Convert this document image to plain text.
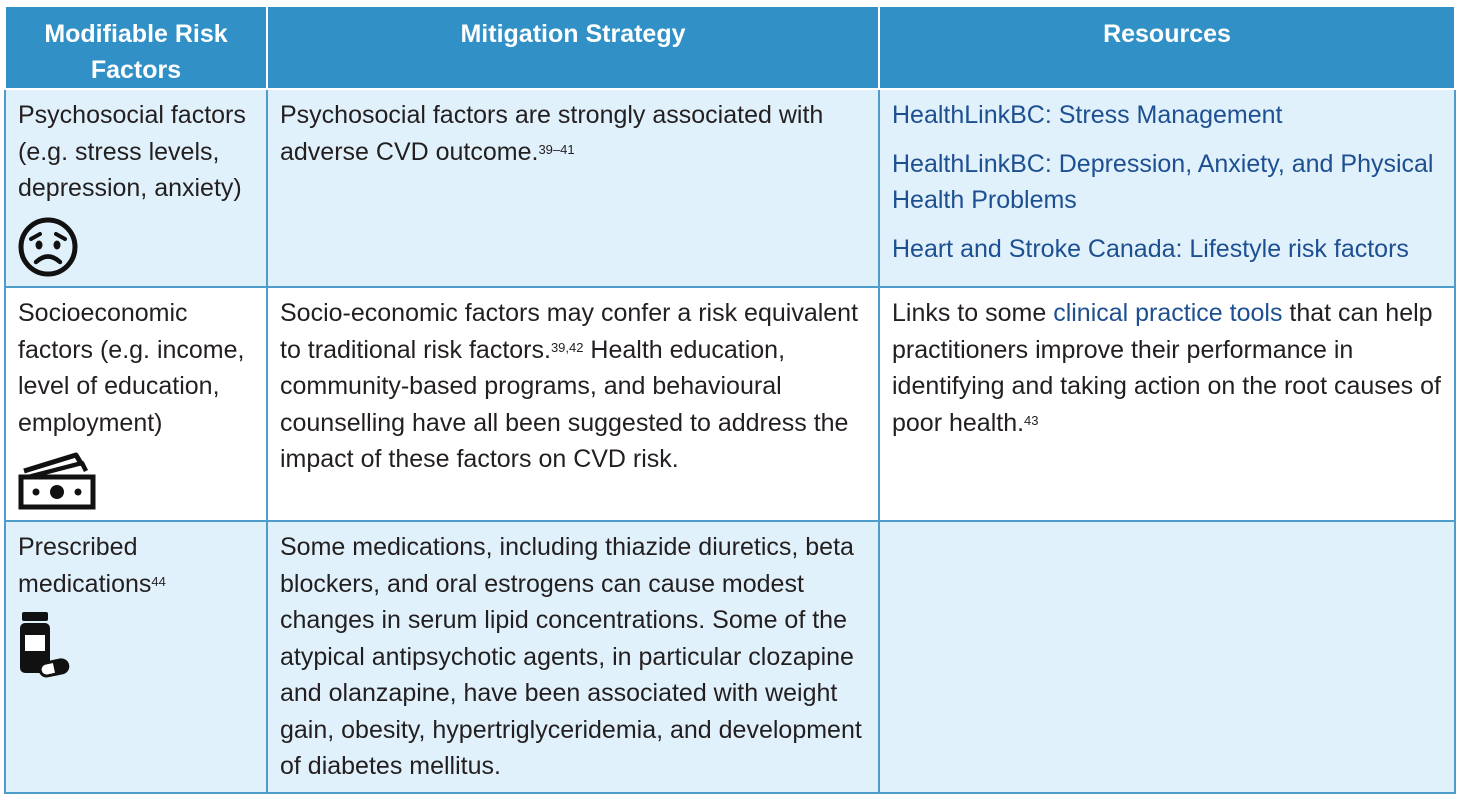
Modifiable Risk Factors	Mitigation Strategy	Resources
Psychosocial factors (e.g. stress levels, depression, anxiety)	Psychosocial factors are strongly associated with adverse CVD outcome.$^{39-41}$	HealthLinkBC: Stress Management
HealthLinkBC: Depression, Anxiety, and Physical Health Problems
Heart and Stroke Canada: Lifestyle risk factors

Socioeconomic factors (e.g. income, level of education, employment)	Socio-economic factors may confer a risk equivalent to traditional risk factors.$^{39,42}$ Health education, community-based programs, and behavioural counselling have all been suggested to address the impact of these factors on CVD risk.	Links to some clinical practice tools that can help practitioners improve their performance in identifying and taking action on the root causes of poor health.$^{43}$
Prescribed medications$^{44}$	Some medications, including thiazide diuretics, beta blockers, and oral estrogens can cause modest changes in serum lipid concentrations. Some of the atypical antipsychotic agents, in particular clozapine and olanzapine, have been associated with weight gain, obesity, hypertriglyceridemia, and development of diabetes mellitus.	
